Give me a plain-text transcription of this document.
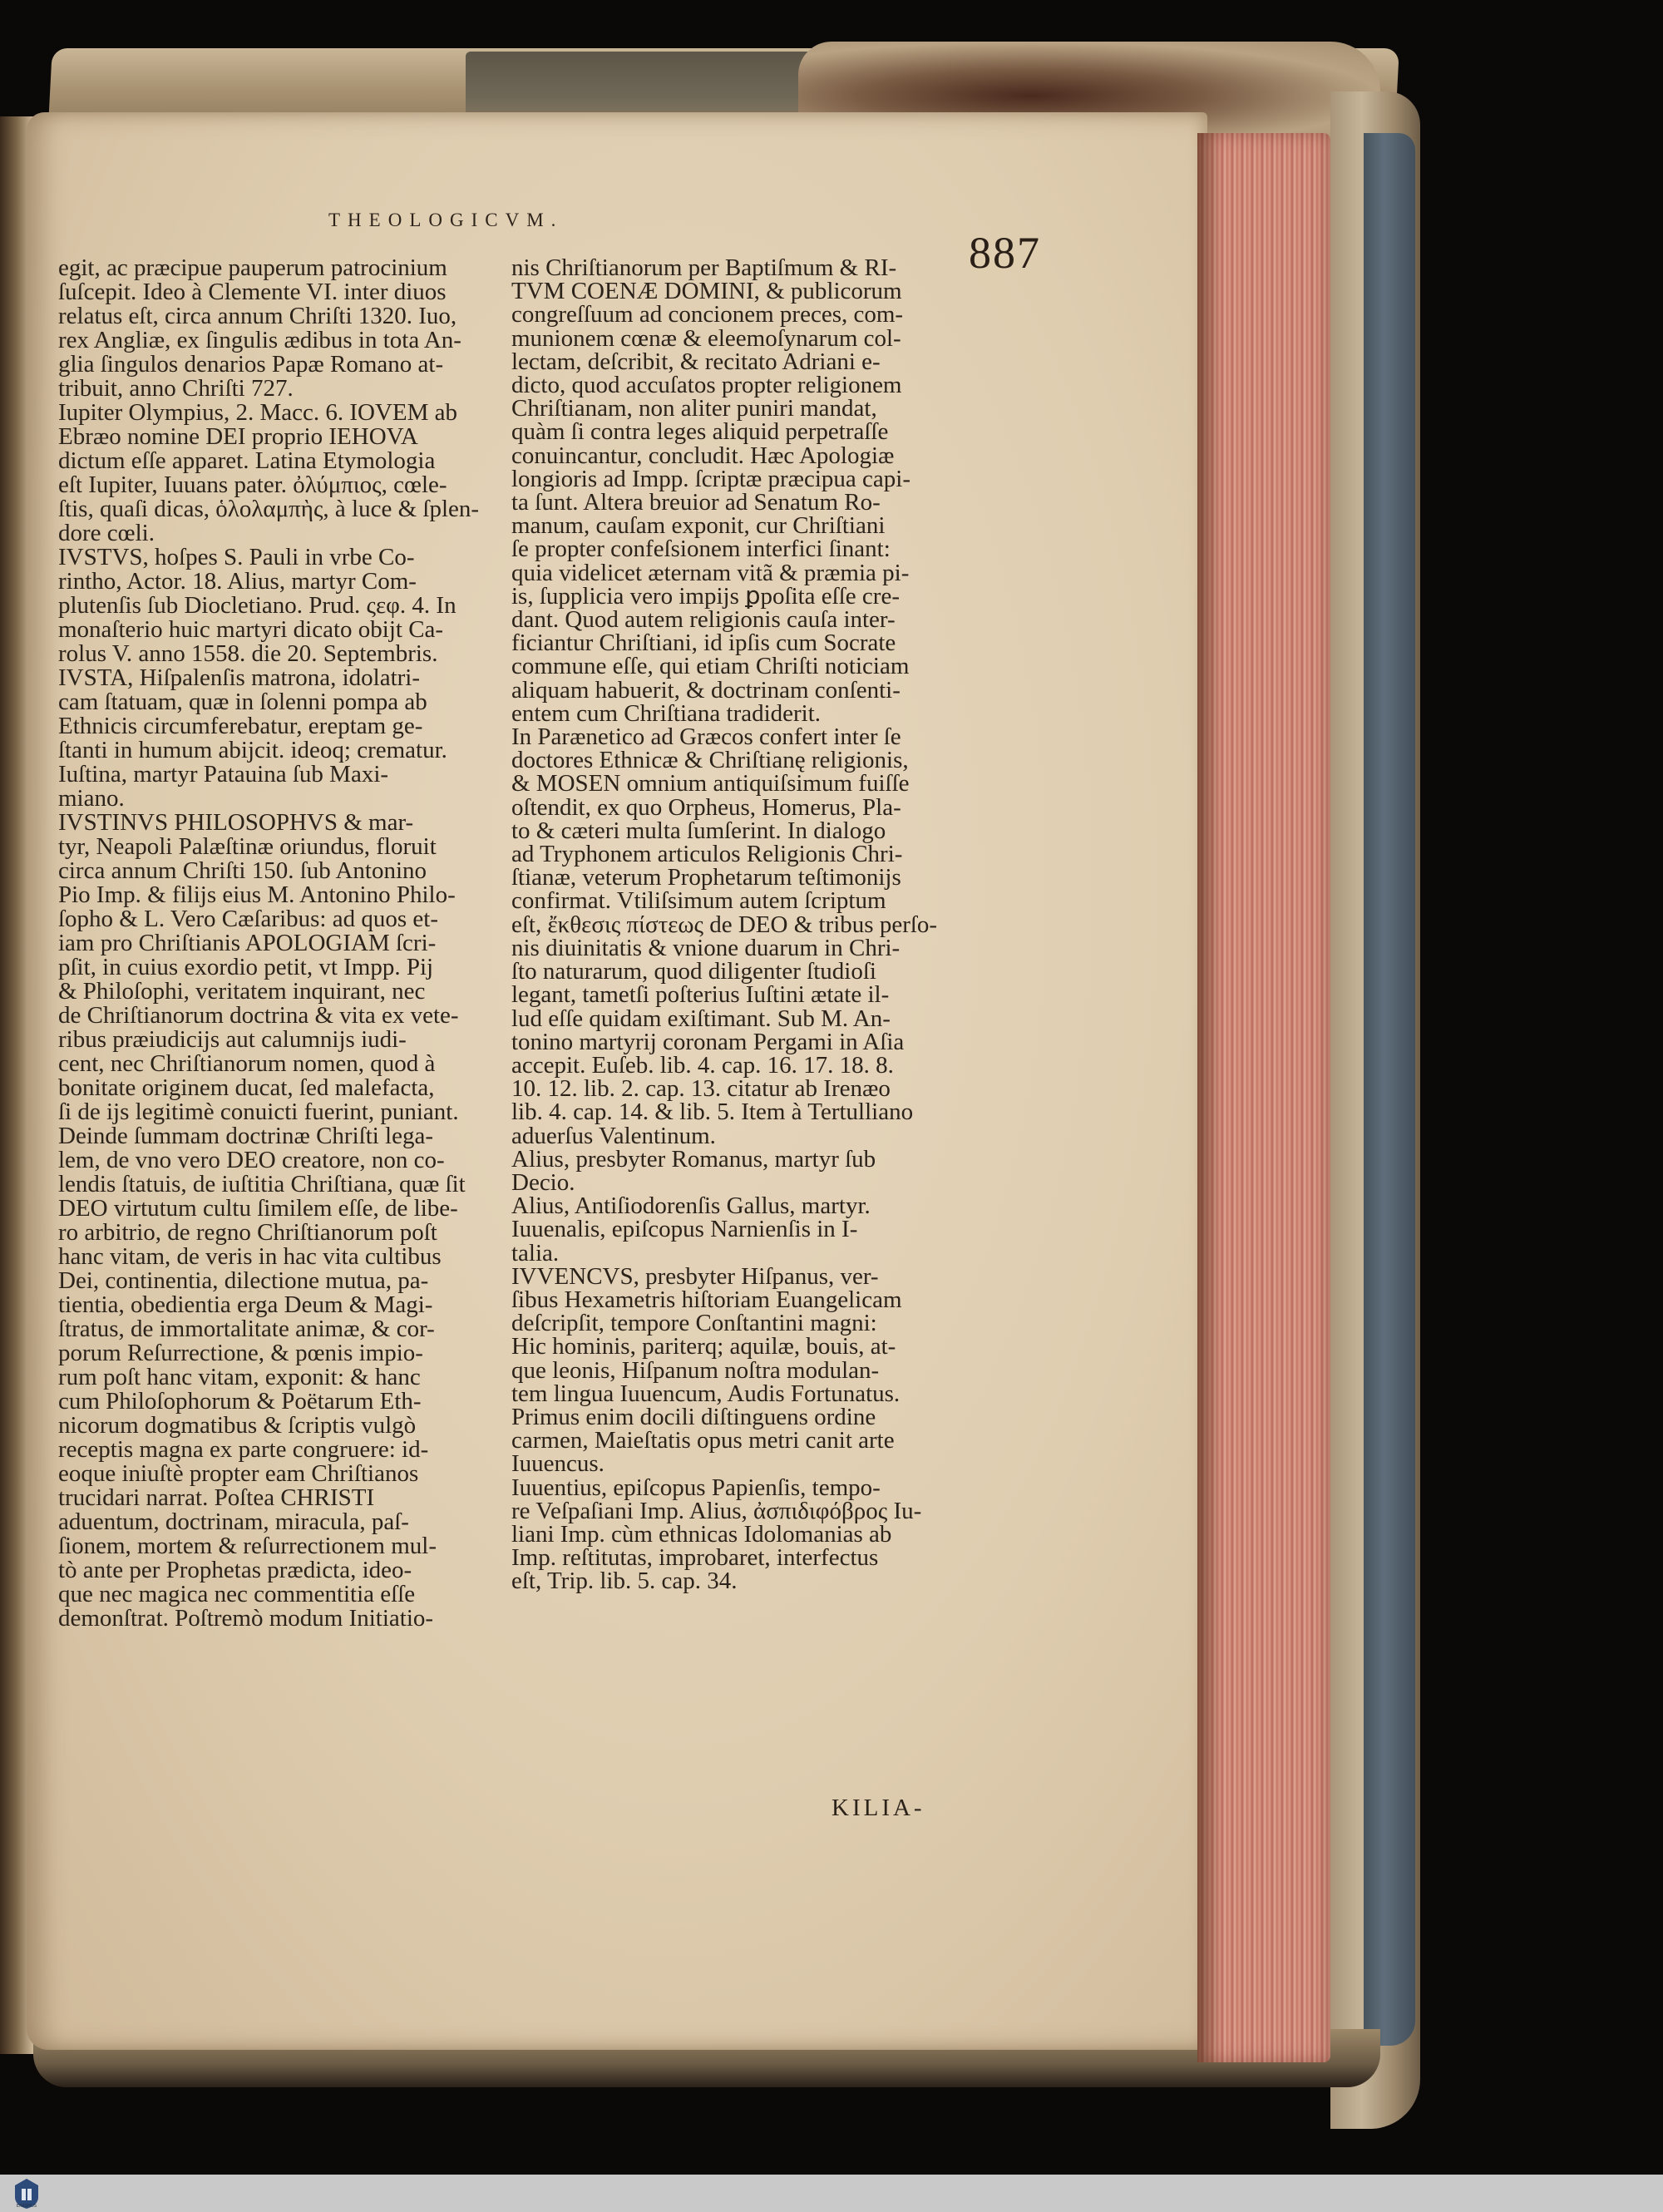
THEOLOGICVM.
887

egit, ac præcipue pauperum patrocinium

ſuſcepit. Ideo à Clemente VI. inter diuos

relatus eſt, circa annum Chriſti 1320. Iuo,

rex Angliæ, ex ſingulis ædibus in tota An-

glia ſingulos denarios Papæ Romano at-

tribuit, anno Chriſti 727.

Iupiter Olympius, 2. Macc. 6. IOVEM ab

Ebræo nomine DEI proprio IEHOVA

dictum eſſe apparet. Latina Etymologia

eſt Iupiter, Iuuans pater. ὀλύμπιος, cœle-

ſtis, quaſi dicas, ὁλολαμπὴς, à luce & ſplen-

dore cœli.

IVSTVS, hoſpes S. Pauli in vrbe Co-

rintho, Actor. 18. Alius, martyr Com-

plutenſis ſub Diocletiano. Prud. ςεφ. 4. In

monaſterio huic martyri dicato obijt Ca-

rolus V. anno 1558. die 20. Septembris.

IVSTA, Hiſpalenſis matrona, idolatri-

cam ſtatuam, quæ in ſolenni pompa ab

Ethnicis circumferebatur, ereptam ge-

ſtanti in humum abijcit. ideoq; crematur.

Iuſtina, martyr Patauina ſub Maxi-

miano.

IVSTINVS PHILOSOPHVS & mar-

tyr, Neapoli Palæſtinæ oriundus, floruit

circa annum Chriſti 150. ſub Antonino

Pio Imp. & filijs eius M. Antonino Philo-

ſopho & L. Vero Cæſaribus: ad quos et-

iam pro Chriſtianis APOLOGIAM ſcri-

pſit, in cuius exordio petit, vt Impp. Pij

& Philoſophi, veritatem inquirant, nec

de Chriſtianorum doctrina & vita ex vete-

ribus præiudicijs aut calumnijs iudi-

cent, nec Chriſtianorum nomen, quod à

bonitate originem ducat, ſed malefacta,

ſi de ijs legitimè conuicti fuerint, puniant.

Deinde ſummam doctrinæ Chriſti lega-

lem, de vno vero DEO creatore, non co-

lendis ſtatuis, de iuſtitia Chriſtiana, quæ ſit

DEO virtutum cultu ſimilem eſſe, de libe-

ro arbitrio, de regno Chriſtianorum poſt

hanc vitam, de veris in hac vita cultibus

Dei, continentia, dilectione mutua, pa-

tientia, obedientia erga Deum & Magi-

ſtratus, de immortalitate animæ, & cor-

porum Reſurrectione, & pœnis impio-

rum poſt hanc vitam, exponit: & hanc

cum Philoſophorum & Poëtarum Eth-

nicorum dogmatibus & ſcriptis vulgò

receptis magna ex parte congruere: id-

eoque iniuſtè propter eam Chriſtianos

trucidari narrat. Poſtea CHRISTI

aduentum, doctrinam, miracula, paſ-

ſionem, mortem & reſurrectionem mul-

tò ante per Prophetas prædicta, ideo-

que nec magica nec commentitia eſſe

demonſtrat. Poſtremò modum Initiatio-

nis Chriſtianorum per Baptiſmum & RI-

TVM COENÆ DOMINI, & publicorum

congreſſuum ad concionem preces, com-

munionem cœnæ & eleemoſynarum col-

lectam, deſcribit, & recitato Adriani e-

dicto, quod accuſatos propter religionem

Chriſtianam, non aliter puniri mandat,

quàm ſi contra leges aliquid perpetraſſe

conuincantur, concludit. Hæc Apologiæ

longioris ad Impp. ſcriptæ præcipua capi-

ta ſunt. Altera breuior ad Senatum Ro-

manum, cauſam exponit, cur Chriſtiani

ſe propter confeſsionem interfici ſinant:

quia videlicet æternam vitã & præmia pi-

is, ſupplicia vero impijs ꝑpoſita eſſe cre-

dant. Quod autem religionis cauſa inter-

ficiantur Chriſtiani, id ipſis cum Socrate

commune eſſe, qui etiam Chriſti noticiam

aliquam habuerit, & doctrinam conſenti-

entem cum Chriſtiana tradiderit.

In Parænetico ad Græcos confert inter ſe

doctores Ethnicæ & Chriſtianę religionis,

& MOSEN omnium antiquiſsimum fuiſſe

oſtendit, ex quo Orpheus, Homerus, Pla-

to & cæteri multa ſumſerint. In dialogo

ad Tryphonem articulos Religionis Chri-

ſtianæ, veterum Prophetarum teſtimonijs

confirmat. Vtiliſsimum autem ſcriptum

eſt, ἔκθεσις πίστεως de DEO & tribus perſo-

nis diuinitatis & vnione duarum in Chri-

ſto naturarum, quod diligenter ſtudioſi

legant, tametſi poſterius Iuſtini ætate il-

lud eſſe quidam exiſtimant. Sub M. An-

tonino martyrij coronam Pergami in Aſia

accepit. Euſeb. lib. 4. cap. 16. 17. 18. 8.

10. 12. lib. 2. cap. 13. citatur ab Irenæo

lib. 4. cap. 14. & lib. 5. Item à Tertulliano

aduerſus Valentinum.

Alius, presbyter Romanus, martyr ſub

Decio.

Alius, Antiſiodorenſis Gallus, martyr.

Iuuenalis, epiſcopus Narnienſis in I-

talia.

IVVENCVS, presbyter Hiſpanus, ver-

ſibus Hexametris hiſtoriam Euangelicam

deſcripſit, tempore Conſtantini magni:

Hic hominis, pariterq; aquilæ, bouis, at-

que leonis, Hiſpanum noſtra modulan-

tem lingua Iuuencum, Audis Fortunatus.

Primus enim docili diſtinguens ordine

carmen, Maieſtatis opus metri canit arte

Iuuencus.

Iuuentius, epiſcopus Papienſis, tempo-

re Veſpaſiani Imp. Alius, ἀσπιδιφόβρος Iu-

liani Imp. cùm ethnicas Idolomanias ab

Imp. reſtitutas, improbaret, interfectus

eſt, Trip. lib. 5. cap. 34.

KILIA-
ERASMUS
